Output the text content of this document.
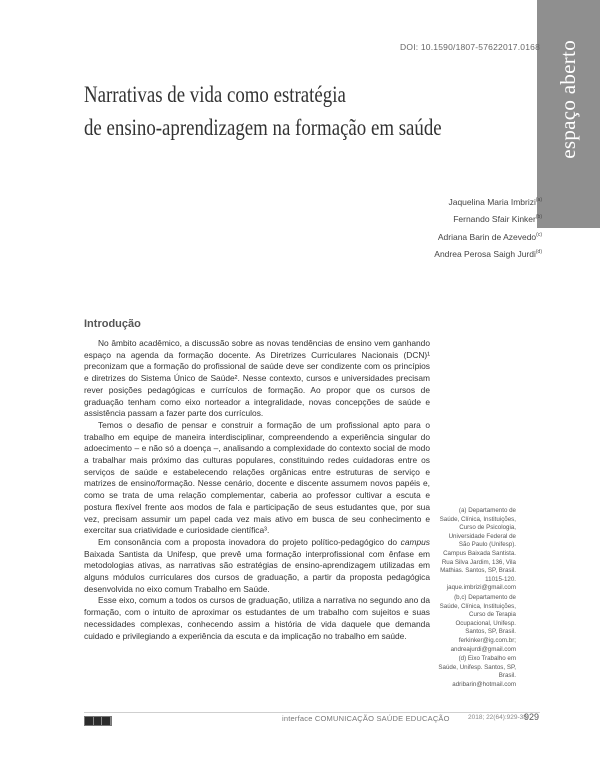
espaço aberto
DOI: 10.1590/1807-57622017.0168
Narrativas de vida como estratégia
de ensino-aprendizagem na formação em saúde
Jaquelina Maria Imbrizi$^{(a)}$
Fernando Sfair Kinker$^{(b)}$
Adriana Barin de Azevedo$^{(c)}$
Andrea Perosa Saigh Jurdi$^{(d)}$
Introdução

No âmbito acadêmico, a discussão sobre as novas tendências de ensino vem ganhando espaço na agenda da formação docente. As Diretrizes Curriculares Nacionais (DCN)¹ preconizam que a formação do profissional de saúde deve ser condizente com os princípios e diretrizes do Sistema Único de Saúde². Nesse contexto, cursos e universidades precisam rever posições pedagógicas e currículos de formação. Ao propor que os cursos de graduação tenham como eixo norteador a integralidade, novas concepções de saúde e assistência passam a fazer parte dos currículos.

Temos o desafio de pensar e construir a formação de um profissional apto para o trabalho em equipe de maneira interdisciplinar, compreendendo a experiência singular do adoecimento – e não só a doença –, analisando a complexidade do contexto social de modo a trabalhar mais próximo das culturas populares, constituindo redes cuidadoras entre os serviços de saúde e estabelecendo relações orgânicas entre estruturas de serviço e matrizes de ensino/formação. Nesse cenário, docente e discente assumem novos papéis e, como se trata de uma relação complementar, caberia ao professor cultivar a escuta e postura flexível frente aos modos de fala e participação de seus estudantes que, por sua vez, precisam assumir um papel cada vez mais ativo em busca de seu conhecimento e exercitar sua criatividade e curiosidade científica³.

Em consonância com a proposta inovadora do projeto político-pedagógico do campus Baixada Santista da Unifesp, que prevê uma formação interprofissional com ênfase em metodologias ativas, as narrativas são estratégias de ensino-aprendizagem utilizadas em alguns módulos curriculares dos cursos de graduação, a partir da proposta pedagógica desenvolvida no eixo comum Trabalho em Saúde.

Esse eixo, comum a todos os cursos de graduação, utiliza a narrativa no segundo ano da formação, com o intuito de aproximar os estudantes de um trabalho com sujeitos e suas necessidades complexas, conhecendo assim a história de vida daquele que demanda cuidado e privilegiando a experiência da escuta e da implicação no trabalho em saúde.

(a) Departamento de Saúde, Clínica, Instituições, Curso de Psicologia, Universidade Federal de São Paulo (Unifesp). Campus Baixada Santista. Rua Silva Jardim, 136, Vila Mathias. Santos, SP, Brasil. 11015-120. jaque.imbrizi@gmail.com
(b,c) Departamento de Saúde, Clínica, Instituições, Curso de Terapia Ocupacional, Unifesp. Santos, SP, Brasil. ferkinker@ig.com.br; andreajurdi@gmail.com
(d) Eixo Trabalho em Saúde, Unifesp. Santos, SP, Brasil. adribarin@hotmail.com
interface COMUNICAÇÃO SAÚDE EDUCAÇÃO	2018; 22(64):929-38
929
